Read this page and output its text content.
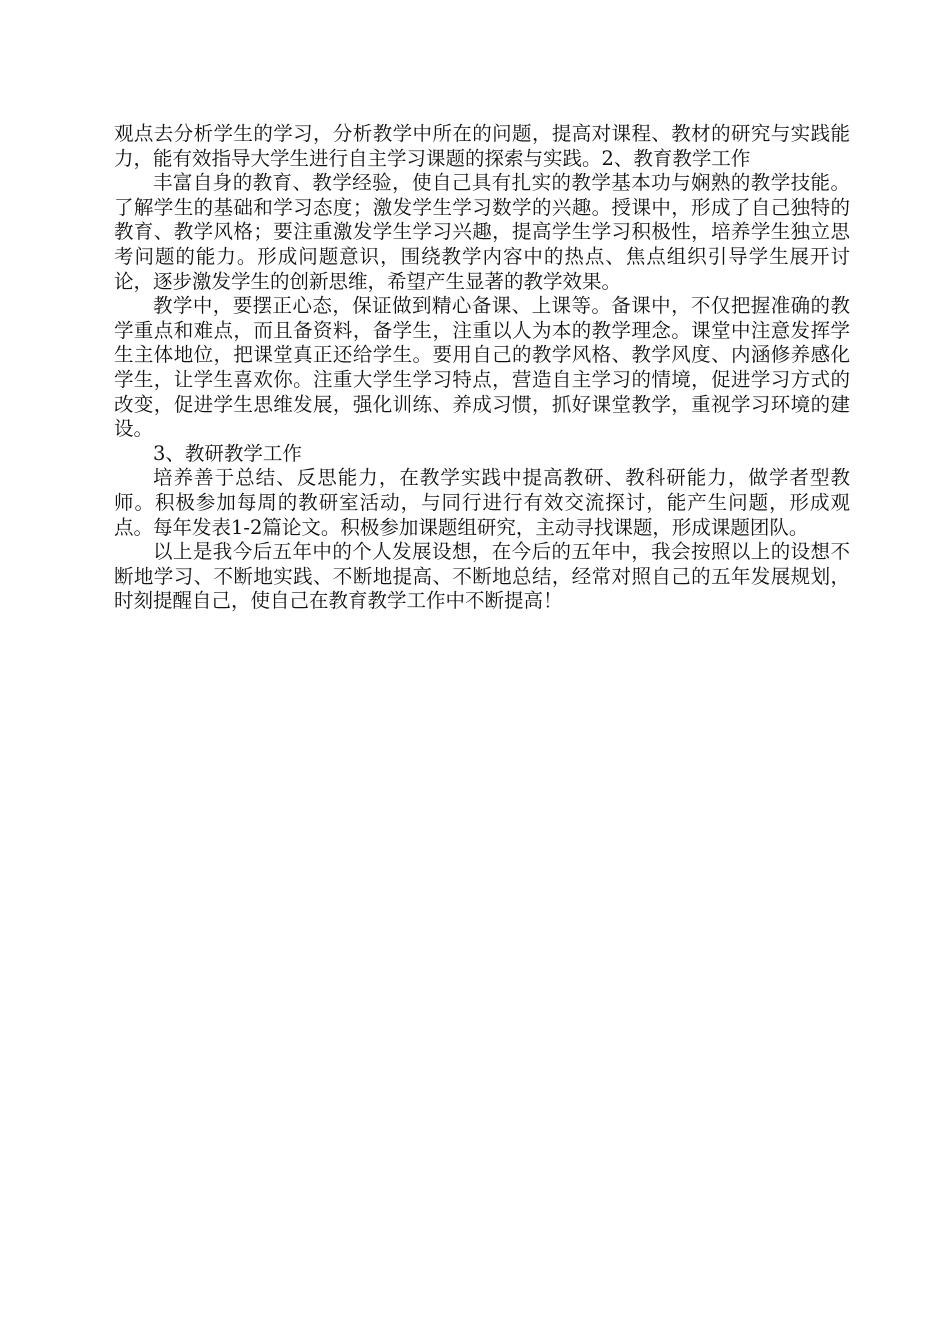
观点去分析学生的学习，分析教学中所在的问题，提高对课程、教材的研究与实践能力，能有效指导大学生进行自主学习课题的探索与实践。2、教育教学工作

丰富自身的教育、教学经验，使自己具有扎实的教学基本功与娴熟的教学技能。了解学生的基础和学习态度；激发学生学习数学的兴趣。授课中，形成了自己独特的教育、教学风格；要注重激发学生学习兴趣，提高学生学习积极性，培养学生独立思考问题的能力。形成问题意识，围绕教学内容中的热点、焦点组织引导学生展开讨论，逐步激发学生的创新思维，希望产生显著的教学效果。

教学中，要摆正心态，保证做到精心备课、上课等。备课中，不仅把握准确的教学重点和难点，而且备资料，备学生，注重以人为本的教学理念。课堂中注意发挥学生主体地位，把课堂真正还给学生。要用自己的教学风格、教学风度、内涵修养感化学生，让学生喜欢你。注重大学生学习特点，营造自主学习的情境，促进学习方式的改变，促进学生思维发展，强化训练、养成习惯，抓好课堂教学，重视学习环境的建设。

3、教研教学工作

培养善于总结、反思能力，在教学实践中提高教研、教科研能力，做学者型教师。积极参加每周的教研室活动，与同行进行有效交流探讨，能产生问题，形成观点。每年发表1-2篇论文。积极参加课题组研究，主动寻找课题，形成课题团队。

以上是我今后五年中的个人发展设想，在今后的五年中，我会按照以上的设想不断地学习、不断地实践、不断地提高、不断地总结，经常对照自己的五年发展规划，时刻提醒自己，使自己在教育教学工作中不断提高！
